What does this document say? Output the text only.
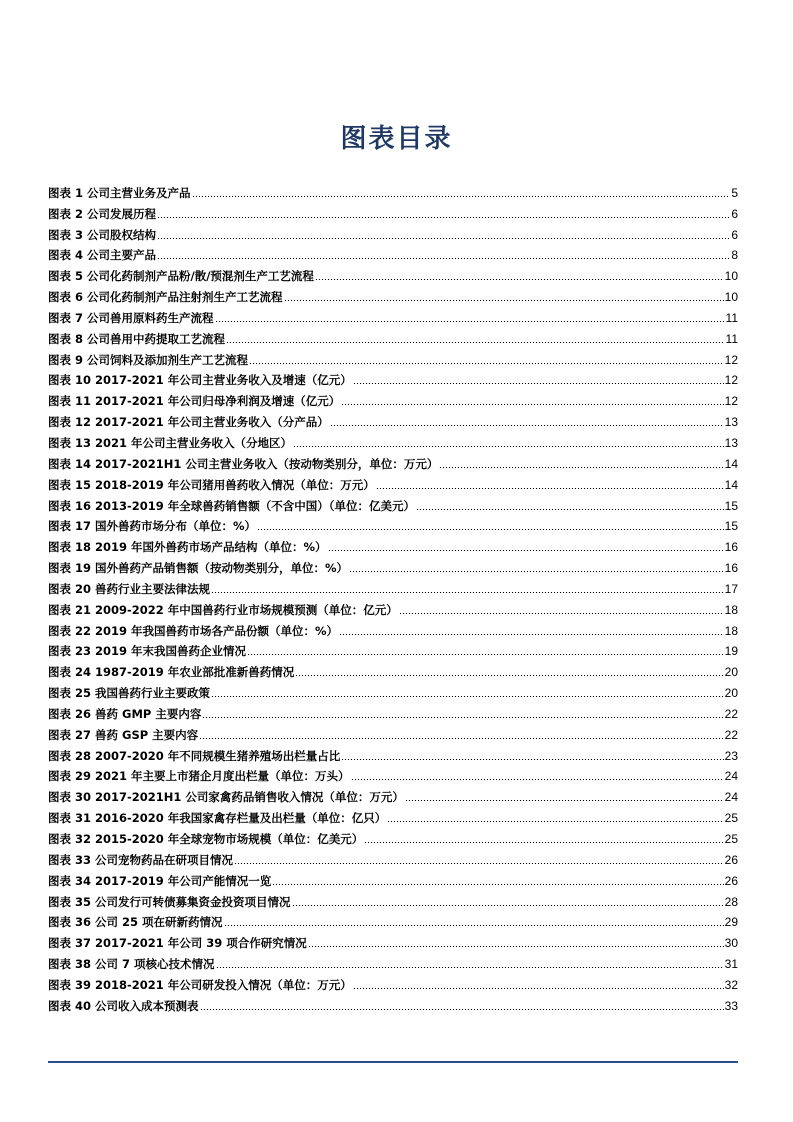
图表目录
图表 1 公司主营业务及产品	5
图表 2 公司发展历程	6
图表 3 公司股权结构	6
图表 4 公司主要产品	8
图表 5 公司化药制剂产品粉/散/预混剂生产工艺流程	10
图表 6 公司化药制剂产品注射剂生产工艺流程	10
图表 7 公司兽用原料药生产流程	11
图表 8 公司兽用中药提取工艺流程	11
图表 9 公司饲料及添加剂生产工艺流程	12
图表 10 2017-2021 年公司主营业务收入及增速（亿元）	12
图表 11 2017-2021 年公司归母净利润及增速（亿元）	12
图表 12 2017-2021 年公司主营业务收入（分产品）	13
图表 13 2021 年公司主营业务收入（分地区）	13
图表 14 2017-2021H1 公司主营业务收入（按动物类别分，单位：万元）	14
图表 15 2018-2019 年公司猪用兽药收入情况（单位：万元）	14
图表 16 2013-2019 年全球兽药销售额（不含中国）（单位：亿美元）	15
图表 17 国外兽药市场分布（单位：%）	15
图表 18 2019 年国外兽药市场产品结构（单位：%）	16
图表 19 国外兽药产品销售额（按动物类别分，单位：%）	16
图表 20 兽药行业主要法律法规	17
图表 21 2009-2022 年中国兽药行业市场规模预测（单位：亿元）	18
图表 22 2019 年我国兽药市场各产品份额（单位：%）	18
图表 23 2019 年末我国兽药企业情况	19
图表 24 1987-2019 年农业部批准新兽药情况	20
图表 25 我国兽药行业主要政策	20
图表 26 兽药 GMP 主要内容	22
图表 27 兽药 GSP 主要内容	22
图表 28 2007-2020 年不同规模生猪养殖场出栏量占比	23
图表 29 2021 年主要上市猪企月度出栏量（单位：万头）	24
图表 30 2017-2021H1 公司家禽药品销售收入情况（单位：万元）	24
图表 31 2016-2020 年我国家禽存栏量及出栏量（单位：亿只）	25
图表 32 2015-2020 年全球宠物市场规模（单位：亿美元）	25
图表 33 公司宠物药品在研项目情况	26
图表 34 2017-2019 年公司产能情况一览	26
图表 35 公司发行可转债募集资金投资项目情况	28
图表 36 公司 25 项在研新药情况	29
图表 37 2017-2021 年公司 39 项合作研究情况	30
图表 38 公司 7 项核心技术情况	31
图表 39 2018-2021 年公司研发投入情况（单位：万元）	32
图表 40 公司收入成本预测表	33
